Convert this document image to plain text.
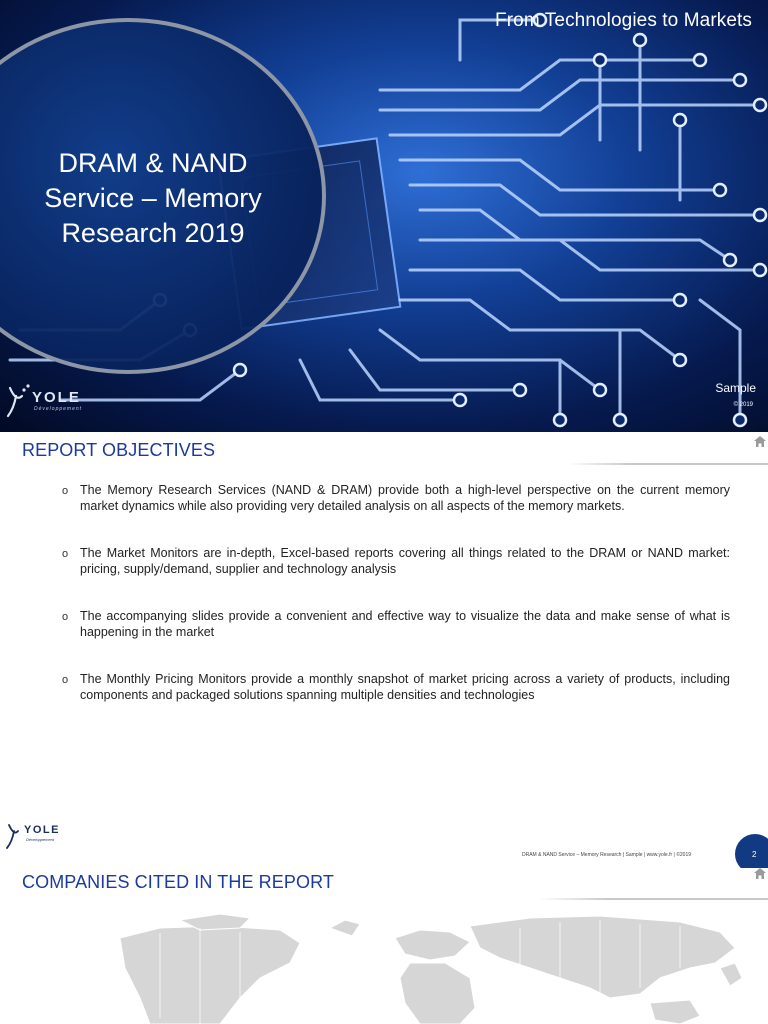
From Technologies to Markets
DRAM & NAND
Service – Memory
Research 2019
YOLE
Développement
Sample
© 2019
REPORT OBJECTIVES
o The Memory Research Services (NAND & DRAM) provide both a high-level perspective on the current memory market dynamics while also providing very detailed analysis on all aspects of the memory markets.
o The Market Monitors are in-depth, Excel-based reports covering all things related to the DRAM or NAND market: pricing, supply/demand, supplier and technology analysis
o The accompanying slides provide a convenient and effective way to visualize the data and make sense of what is happening in the market
o The Monthly Pricing Monitors provide a monthly snapshot of market pricing across a variety of products, including components and packaged solutions spanning multiple densities and technologies
YOLE
Développement
DRAM & NAND Service – Memory Research | Sample | www.yole.fr | ©2019	2
COMPANIES CITED IN THE REPORT
